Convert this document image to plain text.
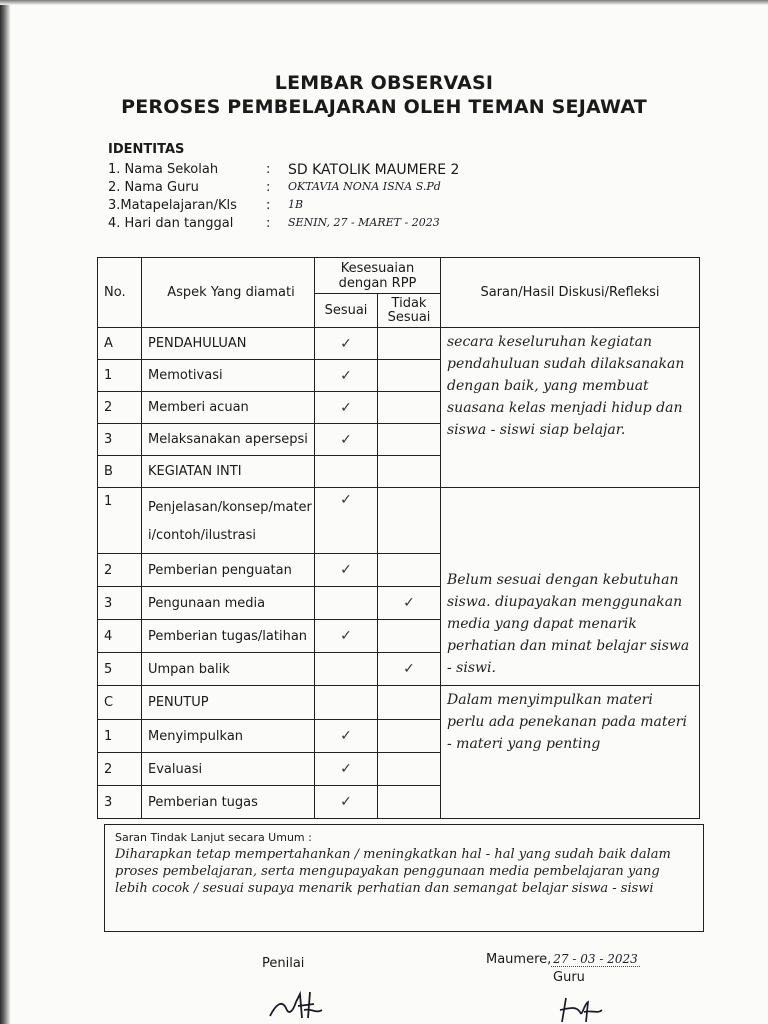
LEMBAR OBSERVASI
PEROSES PEMBELAJARAN OLEH TEMAN SEJAWAT
IDENTITAS
1. Nama Sekolah	: SD KATOLIK MAUMERE 2
2. Nama Guru	: OKTAVIA NONA ISNA S.Pd
3.Matapelajaran/Kls : 1B
4. Hari dan tanggal	: SENIN, 27 - MARET - 2023
No.	Aspek Yang diamati	Kesesuaian dengan RPP		Saran/Hasil Diskusi/Refleksi
		Sesuai	Tidak Sesuai	
A	PENDAHULUAN	✓		secara keseluruhan kegiatan pendahuluan sudah dilaksanakan dengan baik, yang membuat suasana kelas menjadi hidup dan siswa - siswi siap belajar.

1	Memotivasi	✓		
2	Memberi acuan	✓		
3	Melaksanakan apersepsi	✓		
B	KEGIATAN INTI			
1	Penjelasan/konsep/materi/contoh/ilustrasi	✓		Belum sesuai dengan kebutuhan siswa. diupayakan menggunakan media yang dapat menarik perhatian dan minat belajar siswa - siswi.

2	Pemberian penguatan	✓		
3	Pengunaan media		✓	
4	Pemberian tugas/latihan	✓		
5	Umpan balik		✓	
C	PENUTUP			Dalam menyimpulkan materi perlu ada penekanan pada materi - materi yang penting

1	Menyimpulkan	✓		
2	Evaluasi	✓		
3	Pemberian tugas	✓		
Saran Tindak Lanjut secara Umum :

Diharapkan tetap mempertahankan / meningkatkan hal - hal yang sudah baik dalam proses pembelajaran, serta mengupayakan penggunaan media pembelajaran yang lebih cocok / sesuai supaya menarik perhatian dan semangat belajar siswa - siswi

Penilai	Maumere, 27 - 03 - 2023
Guru
